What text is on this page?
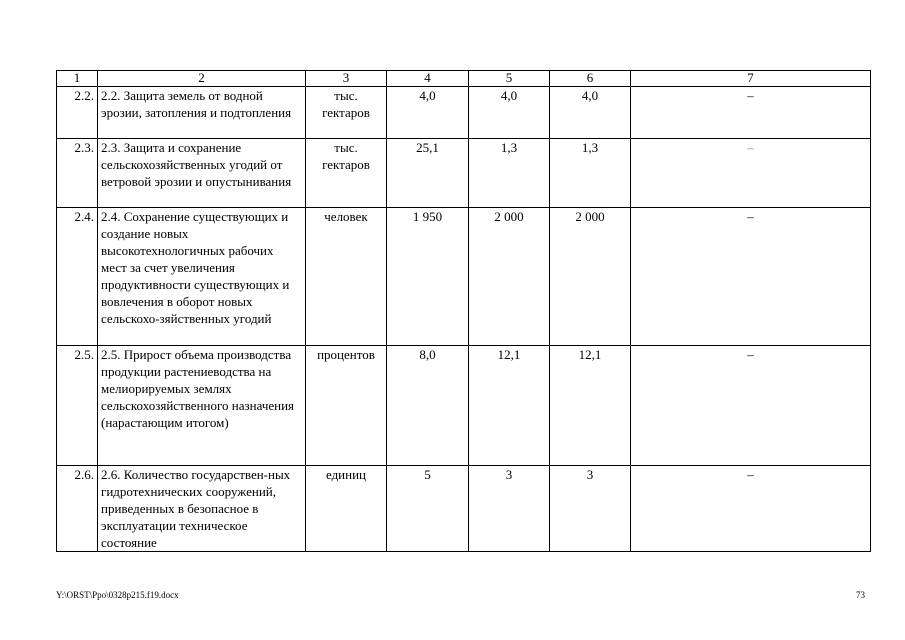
1	2	3	4	5	6	7
2.2.	2.2. Защита земель от водной эрозии, затопления и подтопления	тыс. гектаров	4,0	4,0	4,0	–
2.3.	2.3. Защита и сохранение сельскохозяйственных угодий от ветровой эрозии и опустынивания	тыс. гектаров	25,1	1,3	1,3	–
2.4.	2.4. Сохранение существующих и создание новых высокотехнологичных рабочих мест за счет увеличения продуктивности существующих и вовлечения в оборот новых сельскохо-зяйственных угодий	человек	1 950	2 000	2 000	–
2.5.	2.5. Прирост объема производства продукции растениеводства на мелиорируемых землях сельскохозяйственного назначения (нарастающим итогом)	процентов	8,0	12,1	12,1	–
2.6.	2.6. Количество государствен-ных гидротехнических сооружений, приведенных в безопасное в эксплуатации техническое состояние	единиц	5	3	3	–
Y:\ORST\Ppo\0328p215.f19.docx	73
